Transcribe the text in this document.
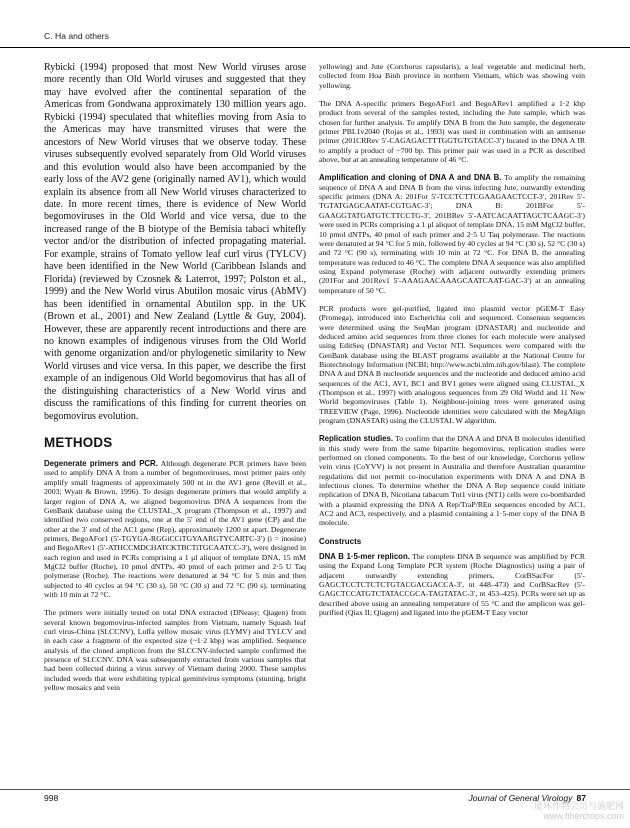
C. Ha and others

Rybicki (1994) proposed that most New World viruses arose more recently than Old World viruses and suggested that they may have evolved after the continental separation of the Americas from Gondwana approximately 130 million years ago. Rybicki (1994) speculated that whiteflies moving from Asia to the Americas may have transmitted viruses that were the ancestors of New World viruses that we observe today. These viruses subsequently evolved separately from Old World viruses and this evolution would also have been accompanied by the early loss of the AV2 gene (originally named AV1), which would explain its absence from all New World viruses characterized to date. In more recent times, there is evidence of New World begomoviruses in the Old World and vice versa, due to the increased range of the B biotype of the Bemisia tabaci whitefly vector and/or the distribution of infected propagating material. For example, strains of Tomato yellow leaf curl virus (TYLCV) have been identified in the New World (Caribbean Islands and Florida) (reviewed by Czosnek & Laterrot, 1997; Polston et al., 1999) and the New World virus Abutilon mosaic virus (AbMV) has been identified in ornamental Abutilon spp. in the UK (Brown et al., 2001) and New Zealand (Lyttle & Guy, 2004). However, these are apparently recent introductions and there are no known examples of indigenous viruses from the Old World with genome organization and/or phylogenetic similarity to New World viruses and vice versa. In this paper, we describe the first example of an indigenous Old World begomovirus that has all of the distinguishing characteristics of a New World virus and discuss the ramifications of this finding for current theories on begomovirus evolution.

METHODS

Degenerate primers and PCR. Although degenerate PCR primers have been used to amplify DNA A from a number of begomoviruses, most primer pairs only amplify small fragments of approximately 500 nt in the AV1 gene (Revill et al., 2003; Wyatt & Brown, 1996). To design degenerate primers that would amplify a larger region of DNA A, we aligned begomovirus DNA A sequences from the GenBank database using the CLUSTAL_X program (Thompson et al., 1997) and identified two conserved regions, one at the 5′ end of the AV1 gene (CP) and the other at the 3′ end of the AC1 gene (Rep), approximately 1200 nt apart. Degenerate primers, BegoAFor1 (5′-TGYGA-RGGiCCiTGYAARGTYCARTC-3′) (i = inosine) and BegoARev1 (5′-ATHCCMDCHATCKTBCTiTGCAATCC-3′), were designed in each region and used in PCRs comprising a 1 μl aliquot of template DNA, 15 mM MgCl2 buffer (Roche), 10 pmol dNTPs, 40 pmol of each primer and 2·5 U Taq polymerase (Roche). The reactions were denatured at 94 °C for 5 min and then subjected to 40 cycles at 94 °C (30 s), 50 °C (30 s) and 72 °C (90 s), terminating with 10 min at 72 °C.

The primers were initially tested on total DNA extracted (DNeasy; Qiagen) from several known begomovirus-infected samples from Vietnam, namely Squash leaf curl virus-China (SLCCNV), Luffa yellow mosaic virus (LYMV) and TYLCV and in each case a fragment of the expected size (~1·2 kbp) was amplified. Sequence analysis of the cloned amplicon from the SLCCNV-infected sample confirmed the presence of SLCCNV. DNA was subsequently extracted from various samples that had been collected during a virus survey of Vietnam during 2000. These samples included weeds that were exhibiting typical geminivirus symptoms (stunting, bright yellow mosaics and vein

yellowing) and Jute (Corchorus capsularis), a leaf vegetable and medicinal herb, collected from Hoa Binh province in northern Vietnam, which was showing vein yellowing.

The DNA A-specific primers BegoAFor1 and BegoARev1 amplified a 1·2 kbp product from several of the samples tested, including the Jute sample, which was chosen for further analysis. To amplify DNA B from the Jute sample, the degenerate primer PBL1v2040 (Rojas et al., 1993) was used in combination with an antisense primer (201CRRev 5′-CAGAGACTTTGGTGTGTACC-3′) located in the DNA A IR to amplify a product of ~700 bp. This primer pair was used in a PCR as described above, but at an annealing temperature of 46 °C.

Amplification and cloning of DNA A and DNA B. To amplify the remaining sequence of DNA A and DNA B from the virus infecting Jute, outwardly extending specific primers (DNA A: 201For 5′-TCCTCTTCGAAGAACTCCT-3′, 201Rev 5′-TGTATGAGCAATAT-CGTGAC-3′; DNA B: 201BFor 5′-GAAGGTATGATGTCTTCCTG-3′, 201BRev 5′-AATCACAATTAGCTCAAGC-3′) were used in PCRs comprising a 1 μl aliquot of template DNA, 15 mM MgCl2 buffer, 10 pmol dNTPs, 40 pmol of each primer and 2·5 U Taq polymerase. The reactions were denatured at 94 °C for 5 min, followed by 40 cycles at 94 °C (30 s), 52 °C (30 s) and 72 °C (90 s), terminating with 10 min at 72 °C. For DNA B, the annealing temperature was reduced to 46 °C. The complete DNA A sequence was also amplified using Expand polymerase (Roche) with adjacent outwardly extending primers (201For and 201Rev1 5′-AAAGAACAAAGCAATCAAT-GAC-3′) at an annealing temperature of 50 °C.

PCR products were gel-purified, ligated into plasmid vector pGEM-T Easy (Promega), introduced into Escherichia coli and sequenced. Consensus sequences were determined using the SeqMan program (DNASTAR) and nucleotide and deduced amino acid sequences from three clones for each molecule were analysed using EditSeq (DNASTAR) and Vector NTI. Sequences were compared with the GenBank database using the BLAST programs available at the National Centre for Biotechnology Information (NCBI; http://www.ncbi.nlm.nih.gov/blast). The complete DNA A and DNA B nucleotide sequences and the nucleotide and deduced amino acid sequences of the AC1, AV1, BC1 and BV1 genes were aligned using CLUSTAL_X (Thompson et al., 1997) with analogous sequences from 29 Old World and 11 New World begomoviruses (Table 1). Neighbour-joining trees were generated using TREEVIEW (Page, 1996). Nucleotide identities were calculated with the MegAlign program (DNASTAR) using the CLUSTAL W algorithm.

Replication studies. To confirm that the DNA A and DNA B molecules identified in this study were from the same bipartite begomovirus, replication studies were performed on cloned components. To the best of our knowledge, Corchorus yellow vein virus (CoYVV) is not present in Australia and therefore Australian quarantine regulations did not permit co-inoculation experiments with DNA A and DNA B infectious clones. To determine whether the DNA A Rep sequence could initiate replication of DNA B, Nicotiana tabacum Tnt1 virus (NT1) cells were co-bombarded with a plasmid expressing the DNA A Rep/TraP/REn sequences encoded by AC1, AC2 and AC3, respectively, and a plasmid containing a 1·5-mer copy of the DNA B molecule.

Constructs

DNA B 1·5-mer replicon. The complete DNA B sequence was amplified by PCR using the Expand Long Template PCR system (Roche Diagnostics) using a pair of adjacent outwardly extending primers, CorBSacFor (5′-GAGCTCCTCTCTCTGTACGACGACCA-3′, nt 448–473) and CorBSacRev (5′-GAGCTCCATGTCTATACCGCA-TAGTATAC-3′, nt 453–425). PCRs were set up as described above using an annealing temperature of 55 °C and the amplicon was gel-purified (Qiax II; Qiagen) and ligated into the pGEM-T Easy vector

998	Journal of General Virology 87
厦环作物会员与施肥网
www.fibercrops.com
